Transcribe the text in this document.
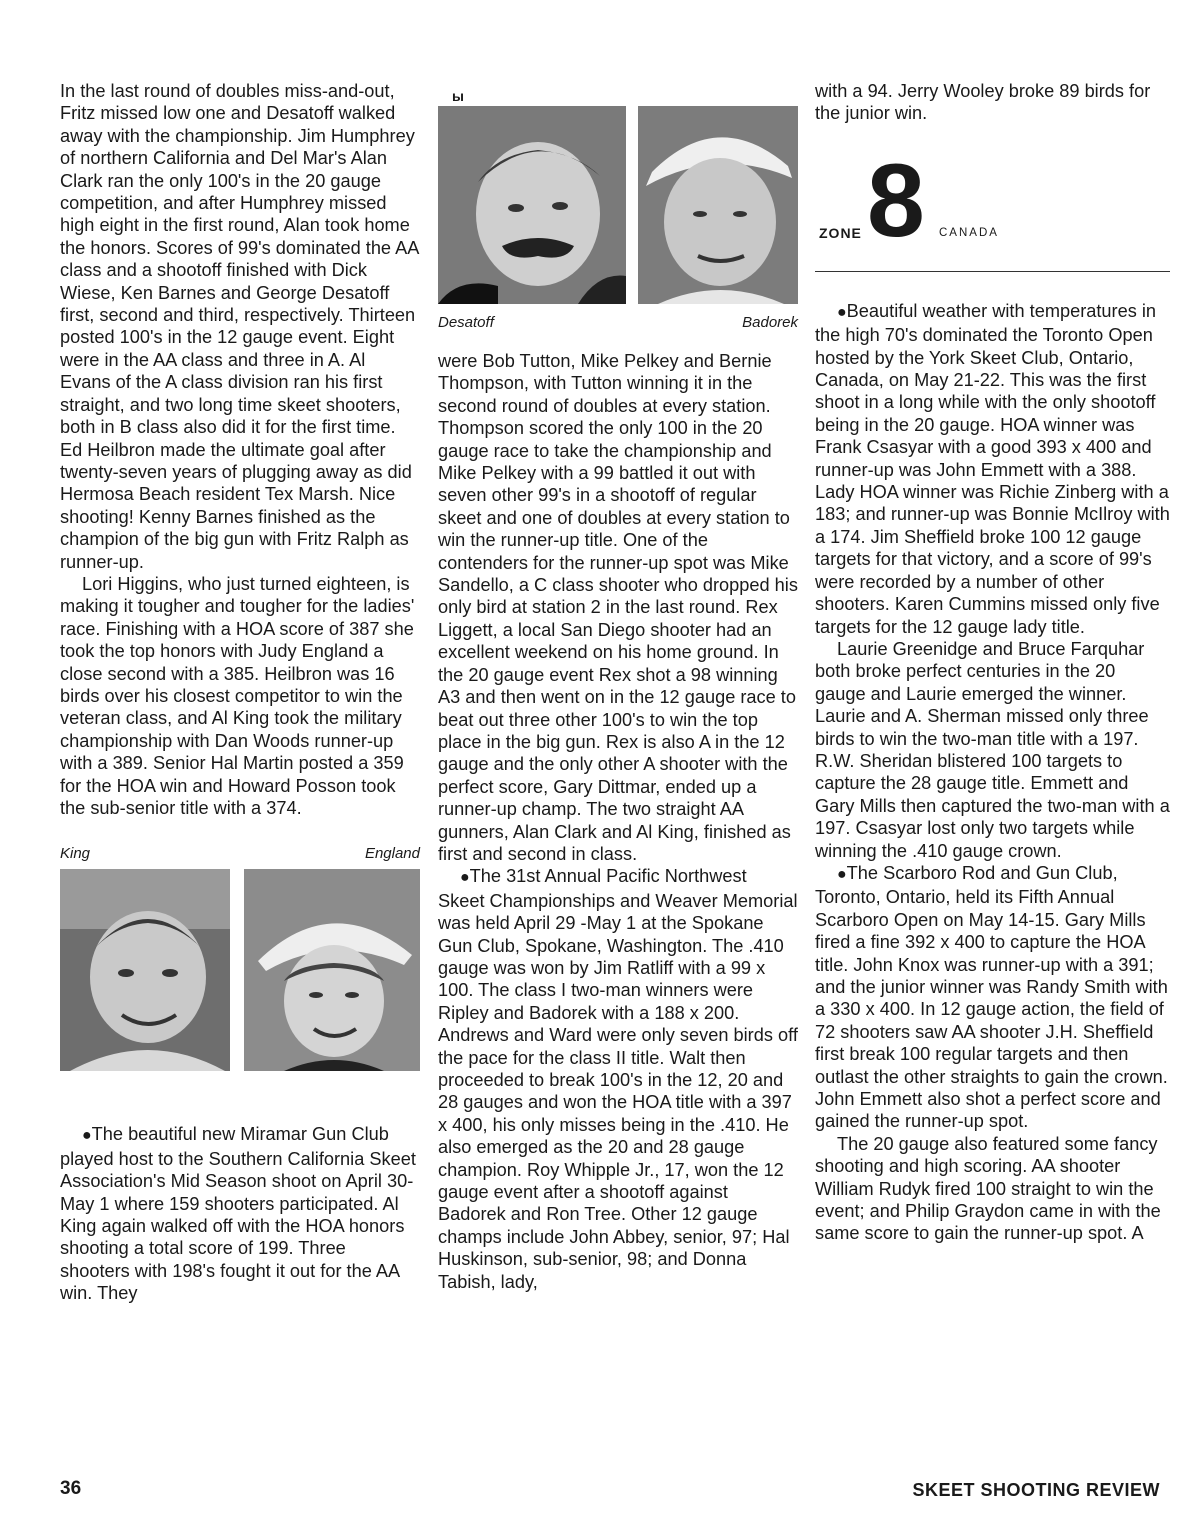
In the last round of doubles miss-and-out, Fritz missed low one and Desatoff walked away with the championship. Jim Humphrey of northern California and Del Mar's Alan Clark ran the only 100's in the 20 gauge competition, and after Humphrey missed high eight in the first round, Alan took home the honors. Scores of 99's dominated the AA class and a shootoff finished with Dick Wiese, Ken Barnes and George Desatoff first, second and third, respectively. Thirteen posted 100's in the 12 gauge event. Eight were in the AA class and three in A. Al Evans of the A class division ran his first straight, and two long time skeet shooters, both in B class also did it for the first time. Ed Heilbron made the ultimate goal after twenty-seven years of plugging away as did Hermosa Beach resident Tex Marsh. Nice shooting! Kenny Barnes finished as the champion of the big gun with Fritz Ralph as runner-up.

Lori Higgins, who just turned eighteen, is making it tougher and tougher for the ladies' race. Finishing with a HOA score of 387 she took the top honors with Judy England a close second with a 385. Heilbron was 16 birds over his closest competitor to win the veteran class, and Al King took the military championship with Dan Woods runner-up with a 389. Senior Hal Martin posted a 359 for the HOA win and Howard Posson took the sub-senior title with a 374.

King	England

●The beautiful new Miramar Gun Club played host to the Southern California Skeet Association's Mid Season shoot on April 30-May 1 where 159 shooters participated. Al King again walked off with the HOA honors shooting a total score of 199. Three shooters with 198's fought it out for the AA win. They

ы
Desatoff	Badorek

were Bob Tutton, Mike Pelkey and Bernie Thompson, with Tutton winning it in the second round of doubles at every station. Thompson scored the only 100 in the 20 gauge race to take the championship and Mike Pelkey with a 99 battled it out with seven other 99's in a shootoff of regular skeet and one of doubles at every station to win the runner-up title. One of the contenders for the runner-up spot was Mike Sandello, a C class shooter who dropped his only bird at station 2 in the last round. Rex Liggett, a local San Diego shooter had an excellent weekend on his home ground. In the 20 gauge event Rex shot a 98 winning A3 and then went on in the 12 gauge race to beat out three other 100's to win the top place in the big gun. Rex is also A in the 12 gauge and the only other A shooter with the perfect score, Gary Dittmar, ended up a runner-up champ. The two straight AA gunners, Alan Clark and Al King, finished as first and second in class.

●The 31st Annual Pacific Northwest Skeet Championships and Weaver Memorial was held April 29 -May 1 at the Spokane Gun Club, Spokane, Washington. The .410 gauge was won by Jim Ratliff with a 99 x 100. The class I two-man winners were Ripley and Badorek with a 188 x 200. Andrews and Ward were only seven birds off the pace for the class II title. Walt then proceeded to break 100's in the 12, 20 and 28 gauges and won the HOA title with a 397 x 400, his only misses being in the .410. He also emerged as the 20 and 28 gauge champion. Roy Whipple Jr., 17, won the 12 gauge event after a shootoff against Badorek and Ron Tree. Other 12 gauge champs include John Abbey, senior, 97; Hal Huskinson, sub-senior, 98; and Donna Tabish, lady,

with a 94. Jerry Wooley broke 89 birds for the junior win.

ZONE 8 CANADA

●Beautiful weather with temperatures in the high 70's dominated the Toronto Open hosted by the York Skeet Club, Ontario, Canada, on May 21-22. This was the first shoot in a long while with the only shootoff being in the 20 gauge. HOA winner was Frank Csasyar with a good 393 x 400 and runner-up was John Emmett with a 388. Lady HOA winner was Richie Zinberg with a 183; and runner-up was Bonnie McIlroy with a 174. Jim Sheffield broke 100 12 gauge targets for that victory, and a score of 99's were recorded by a number of other shooters. Karen Cummins missed only five targets for the 12 gauge lady title.

Laurie Greenidge and Bruce Farquhar both broke perfect centuries in the 20 gauge and Laurie emerged the winner. Laurie and A. Sherman missed only three birds to win the two-man title with a 197. R.W. Sheridan blistered 100 targets to capture the 28 gauge title. Emmett and Gary Mills then captured the two-man with a 197. Csasyar lost only two targets while winning the .410 gauge crown.

●The Scarboro Rod and Gun Club, Toronto, Ontario, held its Fifth Annual Scarboro Open on May 14-15. Gary Mills fired a fine 392 x 400 to capture the HOA title. John Knox was runner-up with a 391; and the junior winner was Randy Smith with a 330 x 400. In 12 gauge action, the field of 72 shooters saw AA shooter J.H. Sheffield first break 100 regular targets and then outlast the other straights to gain the crown. John Emmett also shot a perfect score and gained the runner-up spot.

The 20 gauge also featured some fancy shooting and high scoring. AA shooter William Rudyk fired 100 straight to win the event; and Philip Graydon came in with the same score to gain the runner-up spot. A

36	SKEET SHOOTING REVIEW
